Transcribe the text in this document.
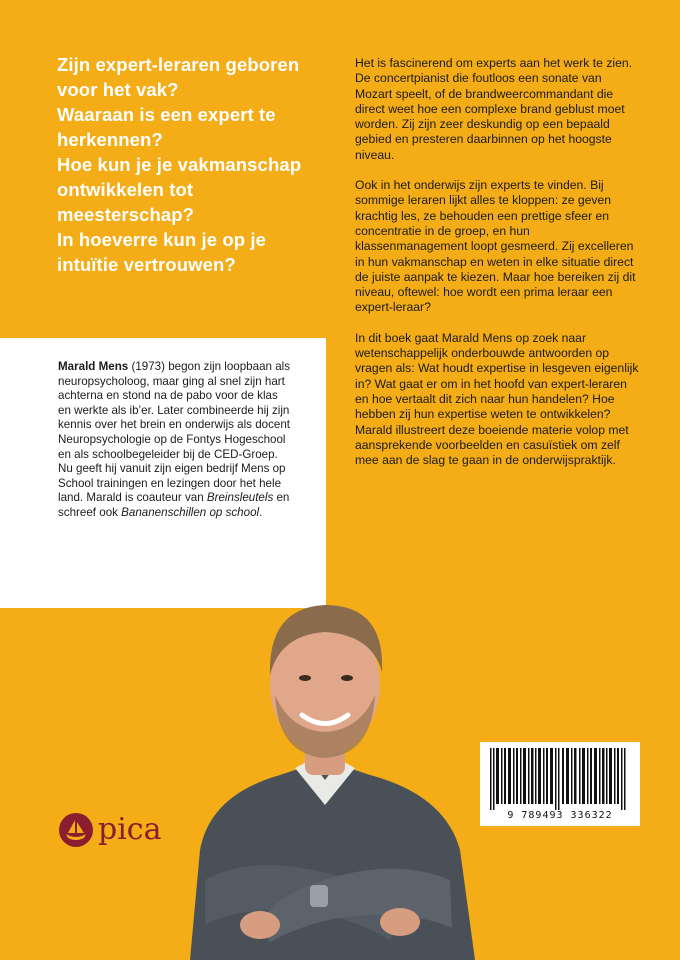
Zijn expert-leraren geboren voor het vak?

Waaraan is een expert te herkennen?

Hoe kun je je vakmanschap ontwikkelen tot meesterschap?

In hoeverre kun je op je intuïtie vertrouwen?

Marald Mens (1973) begon zijn loopbaan als neuropsycholoog, maar ging al snel zijn hart achterna en stond na de pabo voor de klas en werkte als ib’er. Later combineerde hij zijn kennis over het brein en onderwijs als docent Neuropsychologie op de Fontys Hogeschool en als schoolbegeleider bij de CED-Groep. Nu geeft hij vanuit zijn eigen bedrijf Mens op School trainingen en lezingen door het hele land. Marald is coauteur van Breinsleutels en schreef ook Bananenschillen op school.

Het is fascinerend om experts aan het werk te zien. De concertpianist die foutloos een sonate van Mozart speelt, of de brandweercommandant die direct weet hoe een complexe brand geblust moet worden. Zij zijn zeer deskundig op een bepaald gebied en presteren daarbinnen op het hoogste niveau.

Ook in het onderwijs zijn experts te vinden. Bij sommige leraren lijkt alles te kloppen: ze geven krachtig les, ze behouden een prettige sfeer en concentratie in de groep, en hun klassenmanagement loopt gesmeerd. Zij excelleren in hun vakmanschap en weten in elke situatie direct de juiste aanpak te kiezen. Maar hoe bereiken zij dit niveau, oftewel: hoe wordt een prima leraar een expert-leraar?

In dit boek gaat Marald Mens op zoek naar wetenschappelijk onderbouwde antwoorden op vragen als: Wat houdt expertise in lesgeven eigenlijk in? Wat gaat er om in het hoofd van expert-leraren en hoe vertaalt dit zich naar hun handelen? Hoe hebben zij hun expertise weten te ontwikkelen? Marald illustreert deze boeiende materie volop met aansprekende voorbeelden en casuïstiek om zelf mee aan de slag te gaan in de onderwijspraktijk.

9 789493 336322
pica
